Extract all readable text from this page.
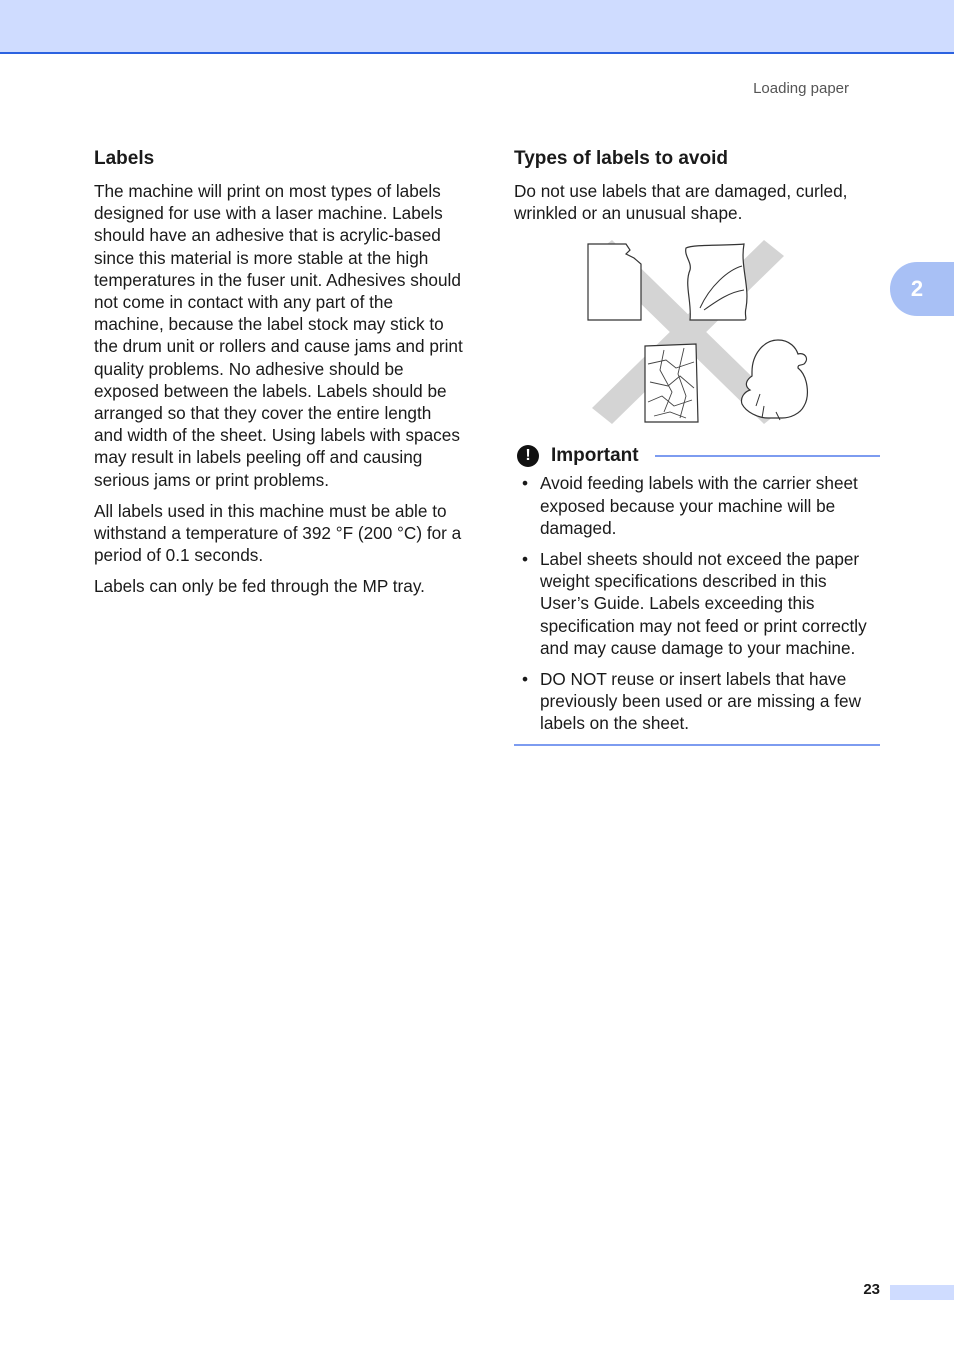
Loading paper
2
Labels

The machine will print on most types of labels designed for use with a laser machine. Labels should have an adhesive that is acrylic-based since this material is more stable at the high temperatures in the fuser unit. Adhesives should not come in contact with any part of the machine, because the label stock may stick to the drum unit or rollers and cause jams and print quality problems. No adhesive should be exposed between the labels. Labels should be arranged so that they cover the entire length and width of the sheet. Using labels with spaces may result in labels peeling off and causing serious jams or print problems.

All labels used in this machine must be able to withstand a temperature of 392 °F (200 °C) for a period of 0.1 seconds.

Labels can only be fed through the MP tray.

Types of labels to avoid

Do not use labels that are damaged, curled, wrinkled or an unusual shape.

!	Important
• Avoid feeding labels with the carrier sheet exposed because your machine will be damaged.
• Label sheets should not exceed the paper weight specifications described in this User’s Guide. Labels exceeding this specification may not feed or print correctly and may cause damage to your machine.
• DO NOT reuse or insert labels that have previously been used or are missing a few labels on the sheet.
23
